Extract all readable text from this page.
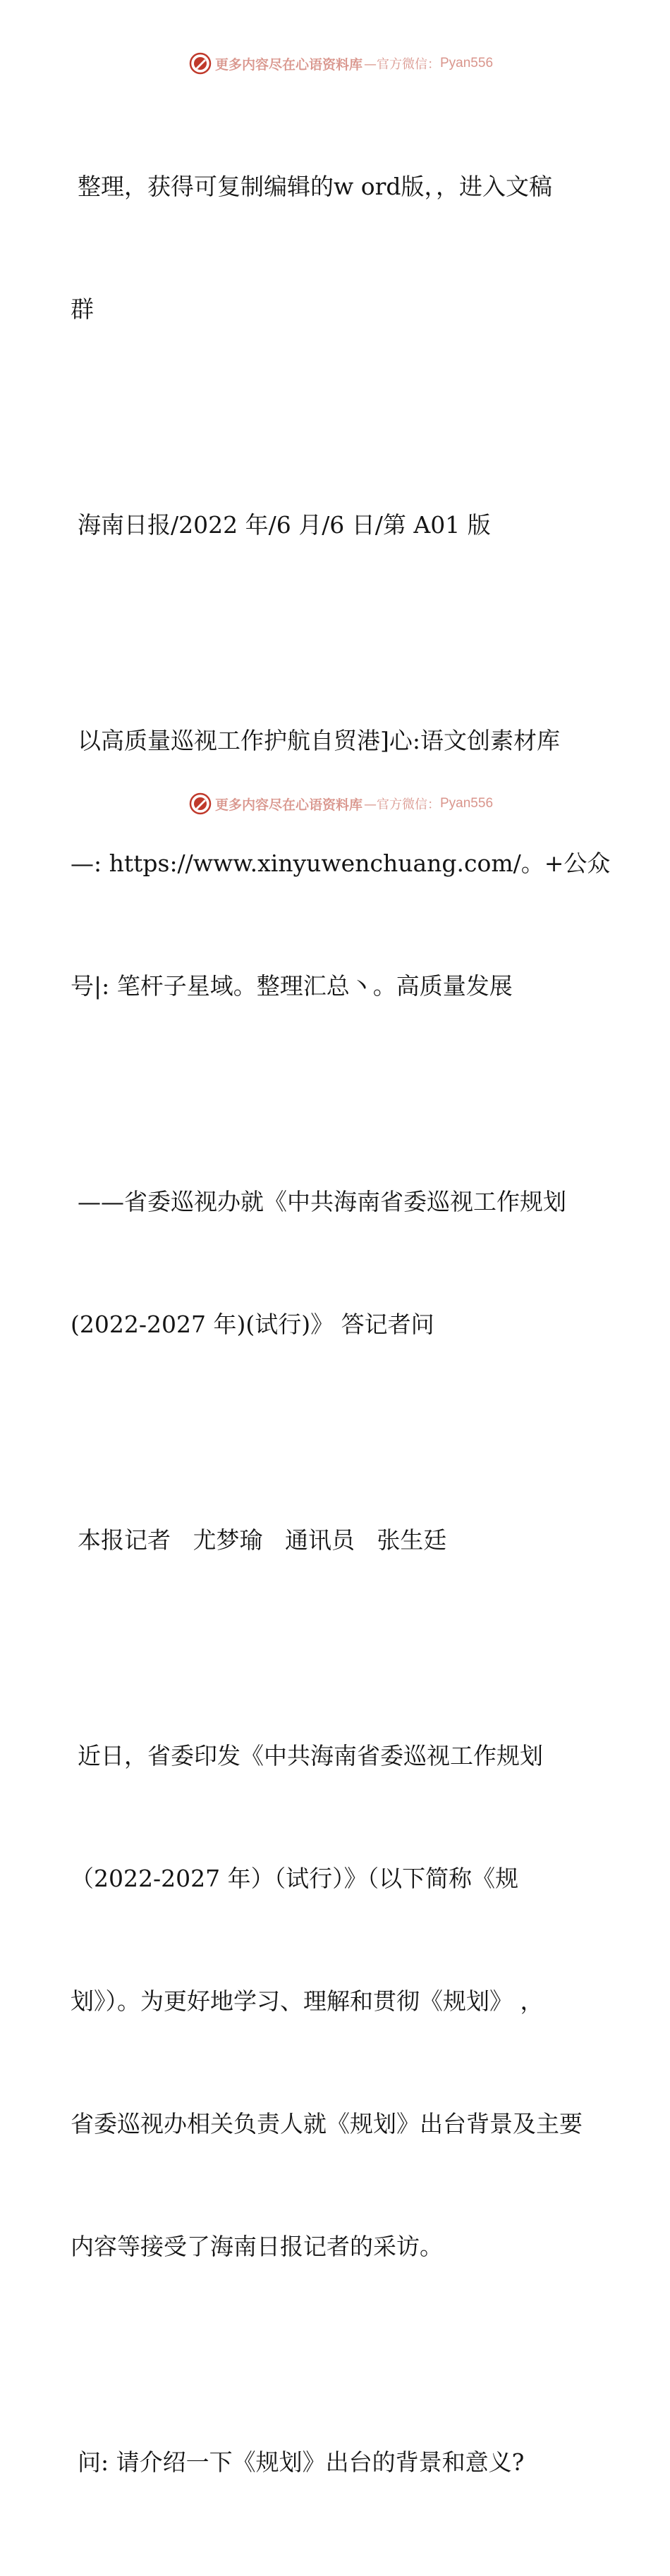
更多内容尽在心语资料库 —官方微信： Pyan556

整理，获得可复制编辑的w ord版，，进入文稿

群

海南日报/2022 年/6 月/6 日/第 A01 版

以高质量巡视工作护航自贸港]心:语文创素材库

—: https://www.xinyuwenchuang.com/。+公众

号|: 笔杆子星域。整理汇总丶。高质量发展

——省委巡视办就《中共海南省委巡视工作规划

(2022-2027 年)(试行)》 答记者问

本报记者   尤梦瑜   通讯员   张生廷

近日，省委印发《中共海南省委巡视工作规划

（2022-2027 年）（试行）》（以下简称《规

划》）。为更好地学习、理解和贯彻《规划》 ，

省委巡视办相关负责人就《规划》出台背景及主要

内容等接受了海南日报记者的采访。

问: 请介绍一下《规划》出台的背景和意义?

更多内容尽在心语资料库 —官方微信： Pyan556
